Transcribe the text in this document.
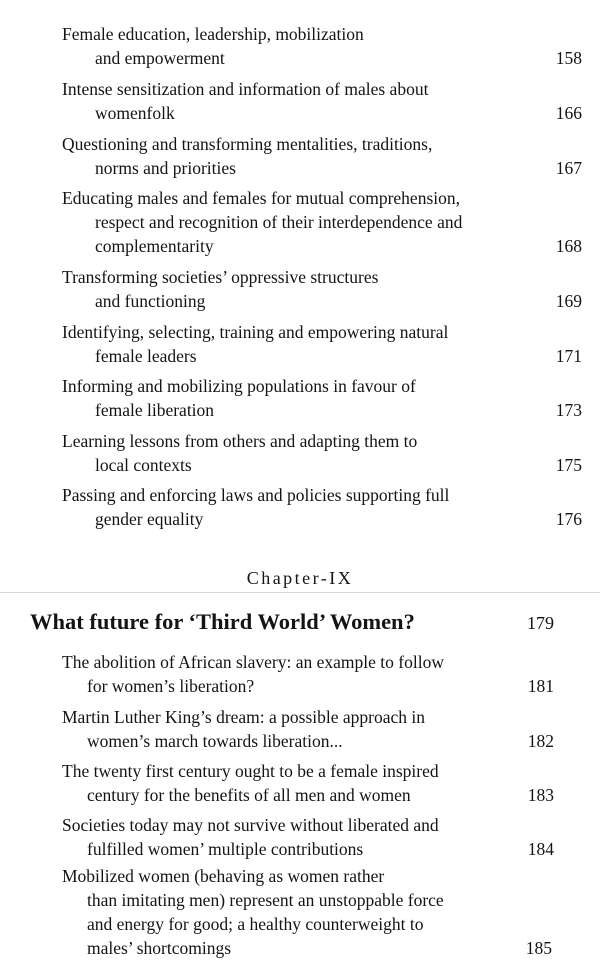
Female education, leadership, mobilization
and empowerment	158
Intense sensitization and information of males about
womenfolk	166
Questioning and transforming mentalities, traditions,
norms and priorities	167
Educating males and females for mutual comprehension,
respect and recognition of their interdependence and
complementarity	168
Transforming societies’ oppressive structures
and functioning	169
Identifying, selecting, training and empowering natural
female leaders	171
Informing and mobilizing populations in favour of
female liberation	173
Learning lessons from others and adapting them to
local contexts	175
Passing and enforcing laws and policies supporting full
gender equality	176
Chapter-IX
What future for ‘Third World’ Women?	179
The abolition of African slavery: an example to follow
for women’s liberation?	181
Martin Luther King’s dream: a possible approach in
women’s march towards liberation...	182
The twenty first century ought to be a female inspired
century for the benefits of all men and women	183
Societies today may not survive without liberated and
fulfilled women’ multiple contributions	184
Mobilized women (behaving as women rather
than imitating men) represent an unstoppable force
and energy for good; a healthy counterweight to
males’ shortcomings	185
